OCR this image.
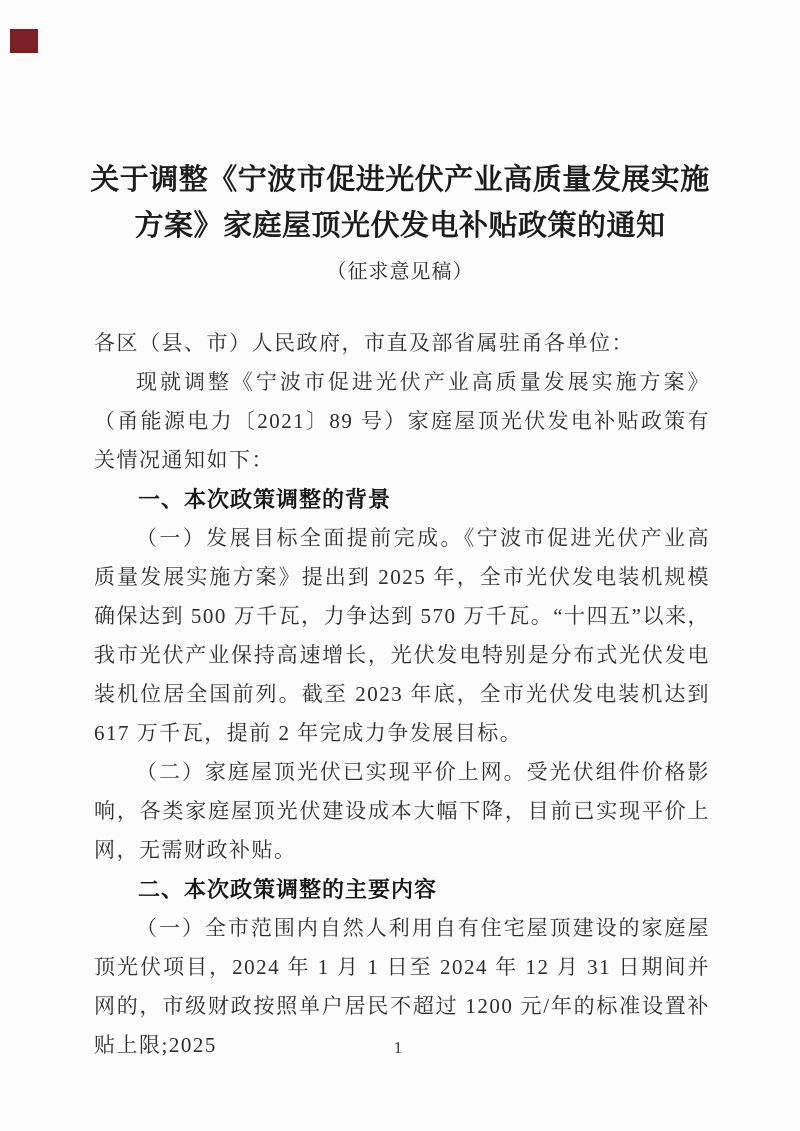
关于调整《宁波市促进光伏产业高质量发展实施
方案》家庭屋顶光伏发电补贴政策的通知
（征求意见稿）

各区（县、市）人民政府，市直及部省属驻甬各单位：

现就调整《宁波市促进光伏产业高质量发展实施方案》（甬能源电力〔2021〕89 号）家庭屋顶光伏发电补贴政策有关情况通知如下：

一、本次政策调整的背景

（一）发展目标全面提前完成。《宁波市促进光伏产业高质量发展实施方案》提出到 2025 年，全市光伏发电装机规模确保达到 500 万千瓦，力争达到 570 万千瓦。“十四五”以来，我市光伏产业保持高速增长，光伏发电特别是分布式光伏发电装机位居全国前列。截至 2023 年底，全市光伏发电装机达到 617 万千瓦，提前 2 年完成力争发展目标。

（二）家庭屋顶光伏已实现平价上网。受光伏组件价格影响，各类家庭屋顶光伏建设成本大幅下降，目前已实现平价上网，无需财政补贴。

二、本次政策调整的主要内容

（一）全市范围内自然人利用自有住宅屋顶建设的家庭屋顶光伏项目，2024 年 1 月 1 日至 2024 年 12 月 31 日期间并网的，市级财政按照单户居民不超过 1200 元/年的标准设置补贴上限;2025	1
